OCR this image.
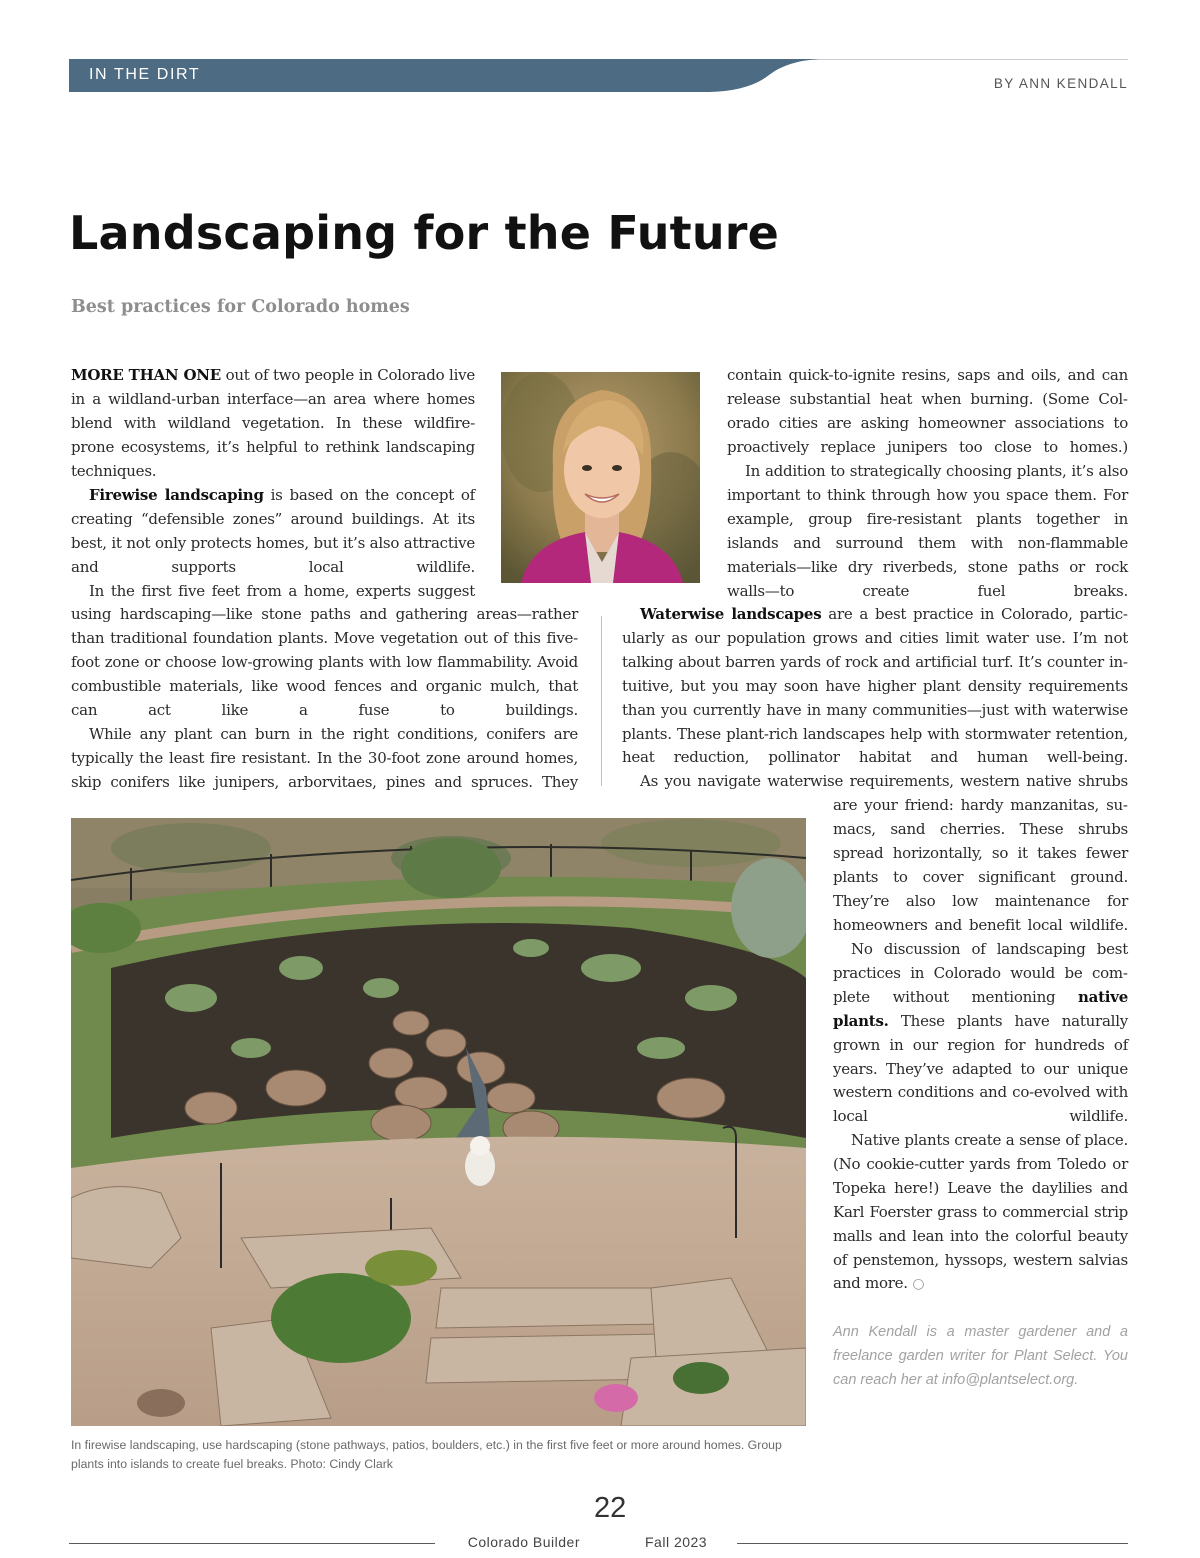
IN THE DIRT
BY ANN KENDALL
Landscaping for the Future
Best practices for Colorado homes

MORE THAN ONE out of two people in Colorado live in a wildland-urban interface—an area where homes blend with wildland vegetation. In these wildfire-prone ecosystems, it’s helpful to rethink landscaping techniques.

Firewise landscaping is based on the concept of creating “defensible zones” around buildings. At its best, it not only protects homes, but it’s also attractive and supports local wildlife.

In the first five feet from a home, experts suggest

using hardscaping—like stone paths and gathering areas—rather than traditional foundation plants. Move vegetation out of this five-foot zone or choose low-growing plants with low flammability. Avoid combustible materials, like wood fences and organic mulch, that can act like a fuse to buildings.

While any plant can burn in the right conditions, conifers are typically the least fire resistant. In the 30-foot zone around homes, skip conifers like junipers, arborvitaes, pines and spruces. They

contain quick-to-ignite resins, saps and oils, and can release substantial heat when burning. (Some Colorado cities are asking homeowner associations to proactively replace junipers too close to homes.)

In addition to strategically choosing plants, it’s also important to think through how you space them. For example, group fire-resistant plants together in islands and surround them with non-flammable materials—like dry riverbeds, stone paths or rock walls—to create fuel breaks.

Waterwise landscapes are a best practice in Colorado, particularly as our population grows and cities limit water use. I’m not talking about barren yards of rock and artificial turf. It’s counter intuitive, but you may soon have higher plant density requirements than you currently have in many communities—just with waterwise plants. These plant-rich landscapes help with stormwater retention, heat reduction, pollinator habitat and human well-being.

As you navigate waterwise requirements, western native shrubs

are your friend: hardy manzanitas, sumacs, sand cherries. These shrubs spread horizontally, so it takes fewer plants to cover significant ground. They’re also low maintenance for homeowners and benefit local wildlife.

No discussion of landscaping best practices in Colorado would be complete without mentioning native plants. These plants have naturally grown in our region for hundreds of years. They’ve adapted to our unique western conditions and co-evolved with local wildlife.

Native plants create a sense of place. (No cookie-cutter yards from Toledo or Topeka here!) Leave the daylilies and Karl Foerster grass to commercial strip malls and lean into the colorful beauty of penstemon, hyssops, western salvias and more. ○

Ann Kendall is a master gardener and a freelance garden writer for Plant Select. You can reach her at info@plantselect.org.

In firewise landscaping, use hardscaping (stone pathways, patios, boulders, etc.) in the first five feet or more around homes. Group plants into islands to create fuel breaks. Photo: Cindy Clark

Colorado Builder
22
Fall 2023
